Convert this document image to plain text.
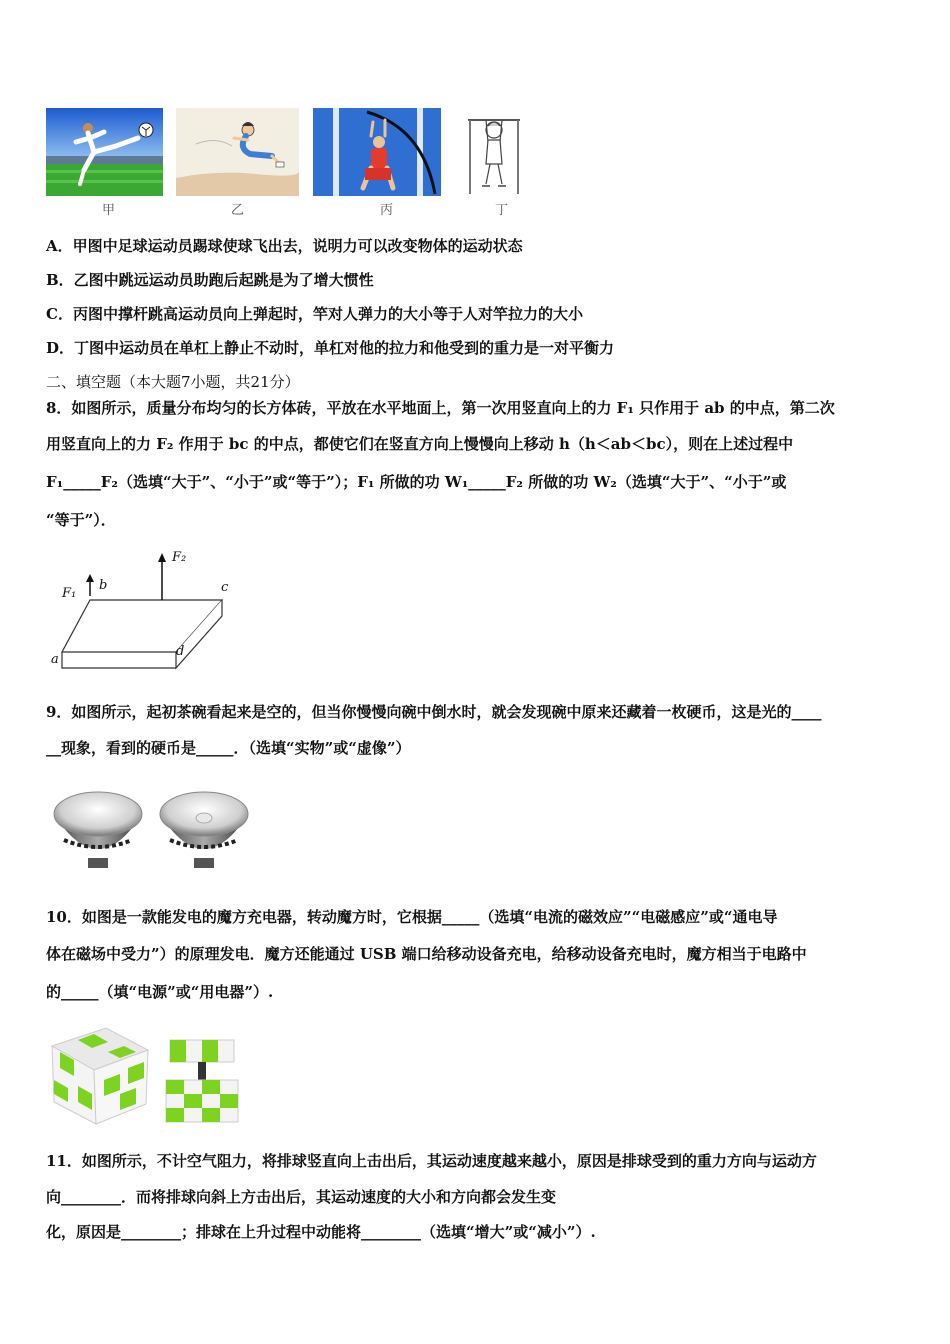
甲	乙	丙	丁
A．甲图中足球运动员踢球使球飞出去，说明力可以改变物体的运动状态
B．乙图中跳远运动员助跑后起跳是为了增大惯性
C．丙图中撑杆跳高运动员向上弹起时，竿对人弹力的大小等于人对竿拉力的大小
D．丁图中运动员在单杠上静止不动时，单杠对他的拉力和他受到的重力是一对平衡力
二、填空题（本大题7小题，共21分）
8．如图所示，质量分布均匀的长方体砖，平放在水平地面上，第一次用竖直向上的力 F₁ 只作用于 ab 的中点，第二次
用竖直向上的力 F₂ 作用于 bc 的中点，都使它们在竖直方向上慢慢向上移动 h（h＜ab＜bc），则在上述过程中
F₁_____F₂（选填“大于”、“小于”或“等于”）；F₁ 所做的功 W₁_____F₂ 所做的功 W₂（选填“大于”、“小于”或
“等于”）．
F₁
F₂
b	c
a
d
9．如图所示，起初茶碗看起来是空的，但当你慢慢向碗中倒水时，就会发现碗中原来还藏着一枚硬币，这是光的____
__现象，看到的硬币是_____．（选填“实物”或“虚像”）
10．如图是一款能发电的魔方充电器，转动魔方时，它根据_____（选填“电流的磁效应”“电磁感应”或“通电导
体在磁场中受力”）的原理发电．魔方还能通过 USB 端口给移动设备充电，给移动设备充电时，魔方相当于电路中
的_____（填“电源”或“用电器”）.
11．如图所示，不计空气阻力，将排球竖直向上击出后，其运动速度越来越小，原因是排球受到的重力方向与运动方
向________．而将排球向斜上方击出后，其运动速度的大小和方向都会发生变
化，原因是________；排球在上升过程中动能将________（选填“增大”或“减小”）.
